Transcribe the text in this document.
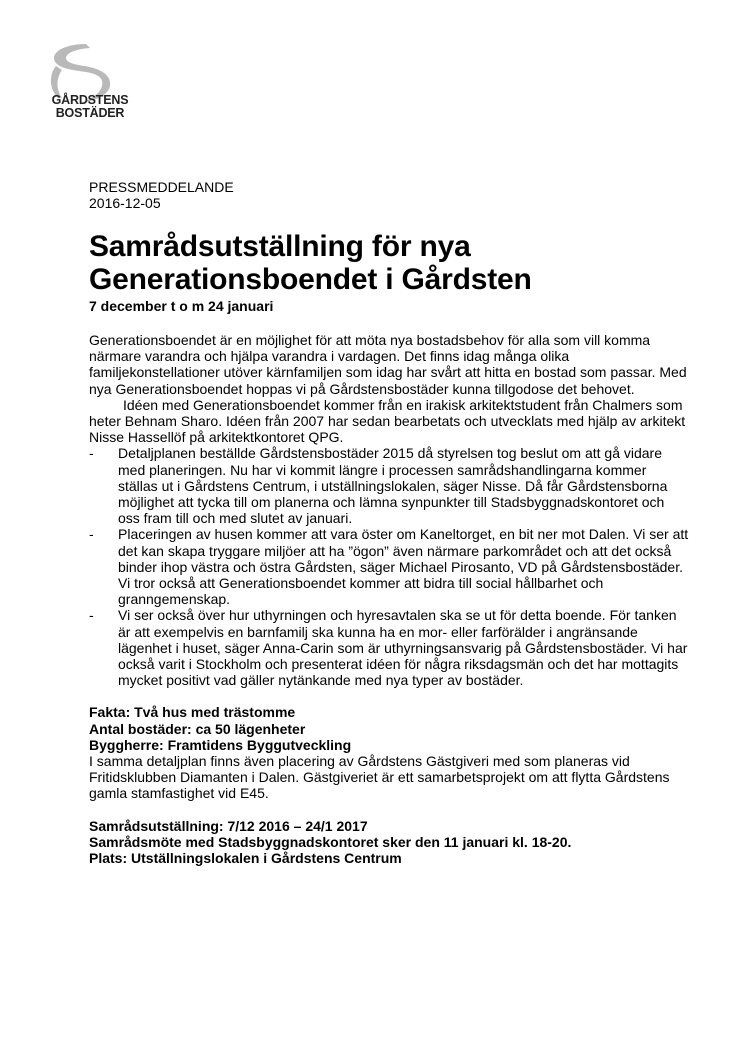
GÅRDSTENS
BOSTÄDER
PRESSMEDDELANDE
2016-12-05
Samrådsutställning för nya
Generationsboendet i Gårdsten
7 december t o m 24 januari

Generationsboendet är en möjlighet för att möta nya bostadsbehov för alla som vill komma närmare varandra och hjälpa varandra i vardagen. Det finns idag många olika familjekonstellationer utöver kärnfamiljen som idag har svårt att hitta en bostad som passar. Med nya Generationsboendet hoppas vi på Gårdstensbostäder kunna tillgodose det behovet.

Idéen med Generationsboendet kommer från en irakisk arkitektstudent från Chalmers som heter Behnam Sharo. Idéen från 2007 har sedan bearbetats och utvecklats med hjälp av arkitekt Nisse Hassellöf på arkitektkontoret QPG.

- Detaljplanen beställde Gårdstensbostäder 2015 då styrelsen tog beslut om att gå vidare med planeringen. Nu har vi kommit längre i processen samrådshandlingarna kommer ställas ut i Gårdstens Centrum, i utställningslokalen, säger Nisse. Då får Gårdstensborna möjlighet att tycka till om planerna och lämna synpunkter till Stadsbyggnadskontoret och oss fram till och med slutet av januari.
- Placeringen av husen kommer att vara öster om Kaneltorget, en bit ner mot Dalen. Vi ser att det kan skapa tryggare miljöer att ha ”ögon” även närmare parkområdet och att det också binder ihop västra och östra Gårdsten, säger Michael Pirosanto, VD på Gårdstensbostäder. Vi tror också att Generationsboendet kommer att bidra till social hållbarhet och granngemenskap.
- Vi ser också över hur uthyrningen och hyresavtalen ska se ut för detta boende. För tanken är att exempelvis en barnfamilj ska kunna ha en mor- eller farförälder i angränsande lägenhet i huset, säger Anna-Carin som är uthyrningsansvarig på Gårdstensbostäder. Vi har också varit i Stockholm och presenterat idéen för några riksdagsmän och det har mottagits mycket positivt vad gäller nytänkande med nya typer av bostäder.

Fakta: Två hus med trästomme

Antal bostäder: ca 50 lägenheter

Byggherre: Framtidens Byggutveckling

I samma detaljplan finns även placering av Gårdstens Gästgiveri med som planeras vid Fritidsklubben Diamanten i Dalen. Gästgiveriet är ett samarbetsprojekt om att flytta Gårdstens gamla stamfastighet vid E45.

Samrådsutställning: 7/12 2016 – 24/1 2017

Samrådsmöte med Stadsbyggnadskontoret sker den 11 januari kl. 18-20.

Plats: Utställningslokalen i Gårdstens Centrum
